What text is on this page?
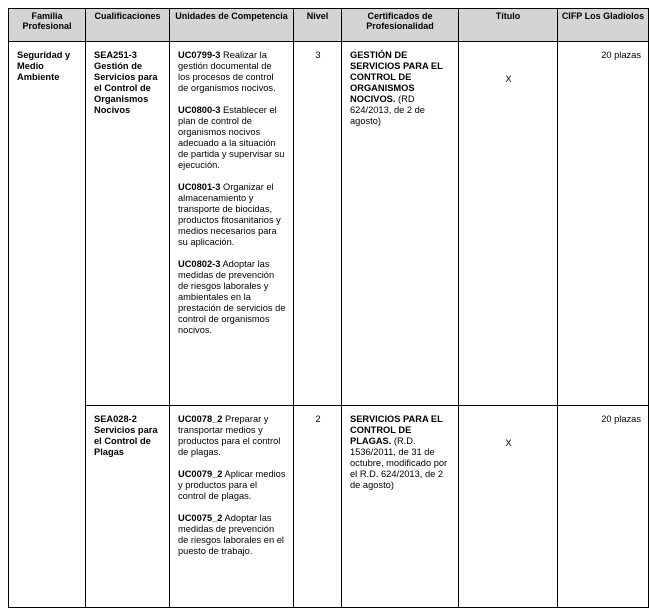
Familia Profesional	Cualificaciones	Unidades de Competencia	Nivel	Certificados de Profesionalidad	Título	CIFP Los Gladiolos
Seguridad y Medio Ambiente	SEA251-3 Gestión de Servicios para el Control de Organismos Nocivos	UC0799-3 Realizar la gestión documental de los procesos de control de organismos nocivos.
UC0800-3 Establecer el plan de control de organismos nocivos adecuado a la situación de partida y supervisar su ejecución.
UC0801-3 Organizar el almacenamiento y transporte de biocidas, productos fitosanitarios y medios necesarios para su aplicación.
UC0802-3 Adoptar las medidas de prevención de riesgos laborales y ambientales en la prestación de servicios de control de organismos nocivos.	3	GESTIÓN DE SERVICIOS PARA EL CONTROL DE ORGANISMOS NOCIVOS. (RD 624/2013, de 2 de agosto)	X	20 plazas
	SEA028-2 Servicios para el Control de Plagas	UC0078_2 Preparar y transportar medios y productos para el control de plagas.
UC0079_2 Aplicar medios y productos para el control de plagas.
UC0075_2 Adoptar las medidas de prevención de riesgos laborales en el puesto de trabajo.	2	SERVICIOS PARA EL CONTROL DE PLAGAS. (R.D. 1536/2011, de 31 de octubre, modificado por el R.D. 624/2013, de 2 de agosto)	X	20 plazas
